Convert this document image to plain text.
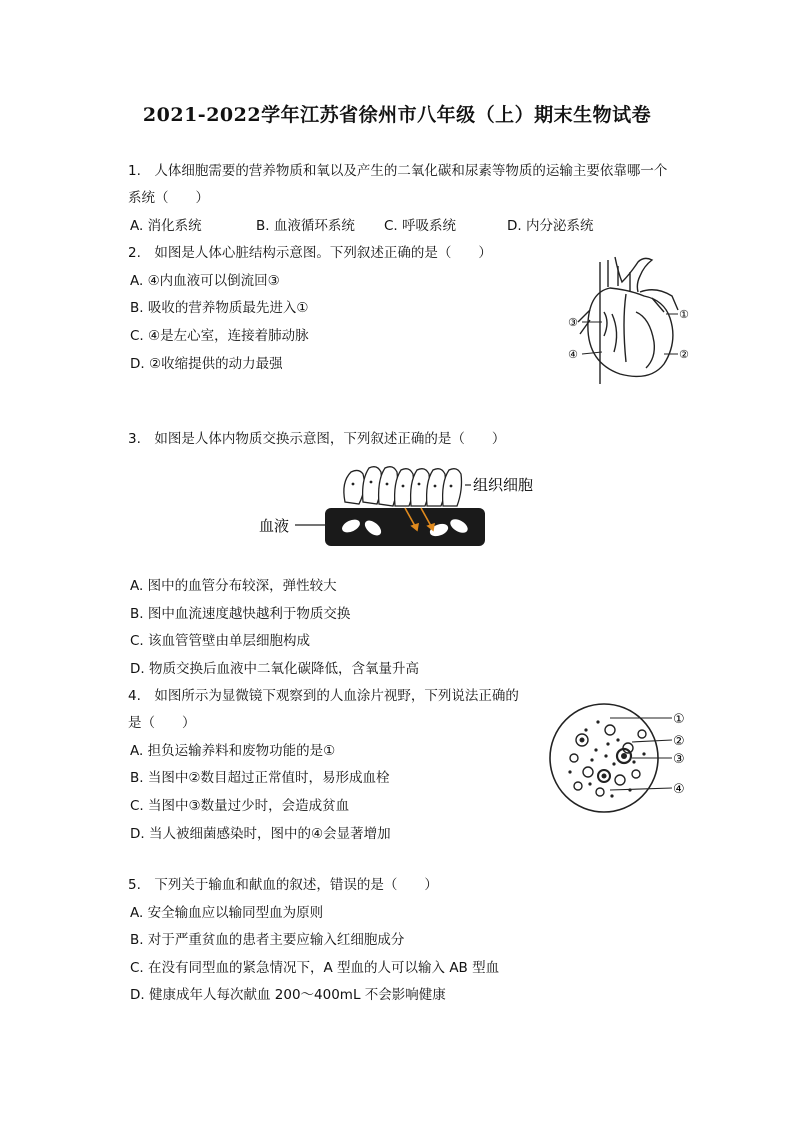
2021-2022学年江苏省徐州市八年级（上）期末生物试卷
1.　人体细胞需要的营养物质和氧以及产生的二氧化碳和尿素等物质的运输主要依靠哪一个
系统（　　）
A. 消化系统	B. 血液循环系统 C. 呼吸系统	D. 内分泌系统
2.　如图是人体心脏结构示意图。下列叙述正确的是（　　）
A. ④内血液可以倒流回③
B. 吸收的营养物质最先进入①
C. ④是左心室，连接着肺动脉
D. ②收缩提供的动力最强
③
④
①
②
3.　如图是人体内物质交换示意图，下列叙述正确的是（　　）
组织细胞
血液
A. 图中的血管分布较深，弹性较大
B. 图中血流速度越快越利于物质交换
C. 该血管管壁由单层细胞构成
D. 物质交换后血液中二氧化碳降低，含氧量升高
4.　如图所示为显微镜下观察到的人血涂片视野，下列说法正确的
是（　　）
A. 担负运输养料和废物功能的是①
B. 当图中②数目超过正常值时，易形成血栓
C. 当图中③数量过少时，会造成贫血
D. 当人被细菌感染时，图中的④会显著增加
①
②
③
④
5.　下列关于输血和献血的叙述，错误的是（　　）
A. 安全输血应以输同型血为原则
B. 对于严重贫血的患者主要应输入红细胞成分
C. 在没有同型血的紧急情况下，A 型血的人可以输入 AB 型血
D. 健康成年人每次献血 200～400mL 不会影响健康
